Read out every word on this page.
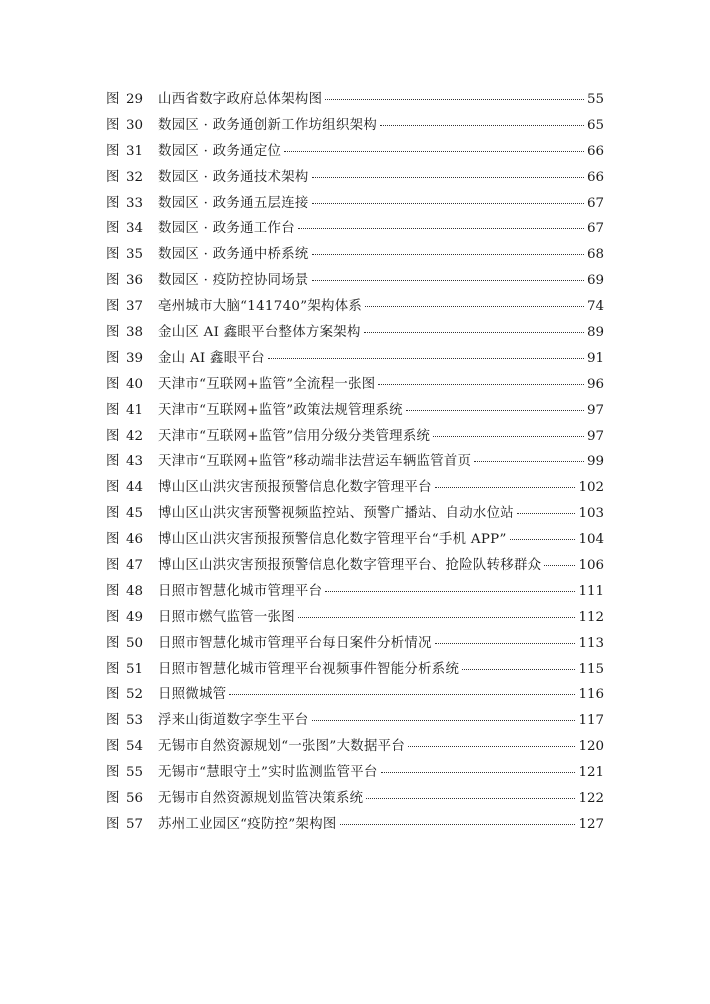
图 29	山西省数字政府总体架构图	55
图 30	数园区 · 政务通创新工作坊组织架构	65
图 31	数园区 · 政务通定位	66
图 32	数园区 · 政务通技术架构	66
图 33	数园区 · 政务通五层连接	67
图 34	数园区 · 政务通工作台	67
图 35	数园区 · 政务通中桥系统	68
图 36	数园区 · 疫防控协同场景	69
图 37	亳州城市大脑“141740”架构体系	74
图 38	金山区 AI 鑫眼平台整体方案架构	89
图 39	金山 AI 鑫眼平台	91
图 40	天津市“互联网+监管”全流程一张图	96
图 41	天津市“互联网+监管”政策法规管理系统	97
图 42	天津市“互联网+监管”信用分级分类管理系统	97
图 43	天津市“互联网+监管”移动端非法营运车辆监管首页	99
图 44	博山区山洪灾害预报预警信息化数字管理平台	102
图 45	博山区山洪灾害预警视频监控站、预警广播站、自动水位站	103
图 46	博山区山洪灾害预报预警信息化数字管理平台“手机 APP”	104
图 47	博山区山洪灾害预报预警信息化数字管理平台、抢险队转移群众	106
图 48	日照市智慧化城市管理平台	111
图 49	日照市燃气监管一张图	112
图 50	日照市智慧化城市管理平台每日案件分析情况	113
图 51	日照市智慧化城市管理平台视频事件智能分析系统	115
图 52	日照微城管	116
图 53	浮来山街道数字孪生平台	117
图 54	无锡市自然资源规划“一张图”大数据平台	120
图 55	无锡市“慧眼守土”实时监测监管平台	121
图 56	无锡市自然资源规划监管决策系统	122
图 57	苏州工业园区“疫防控”架构图	127
